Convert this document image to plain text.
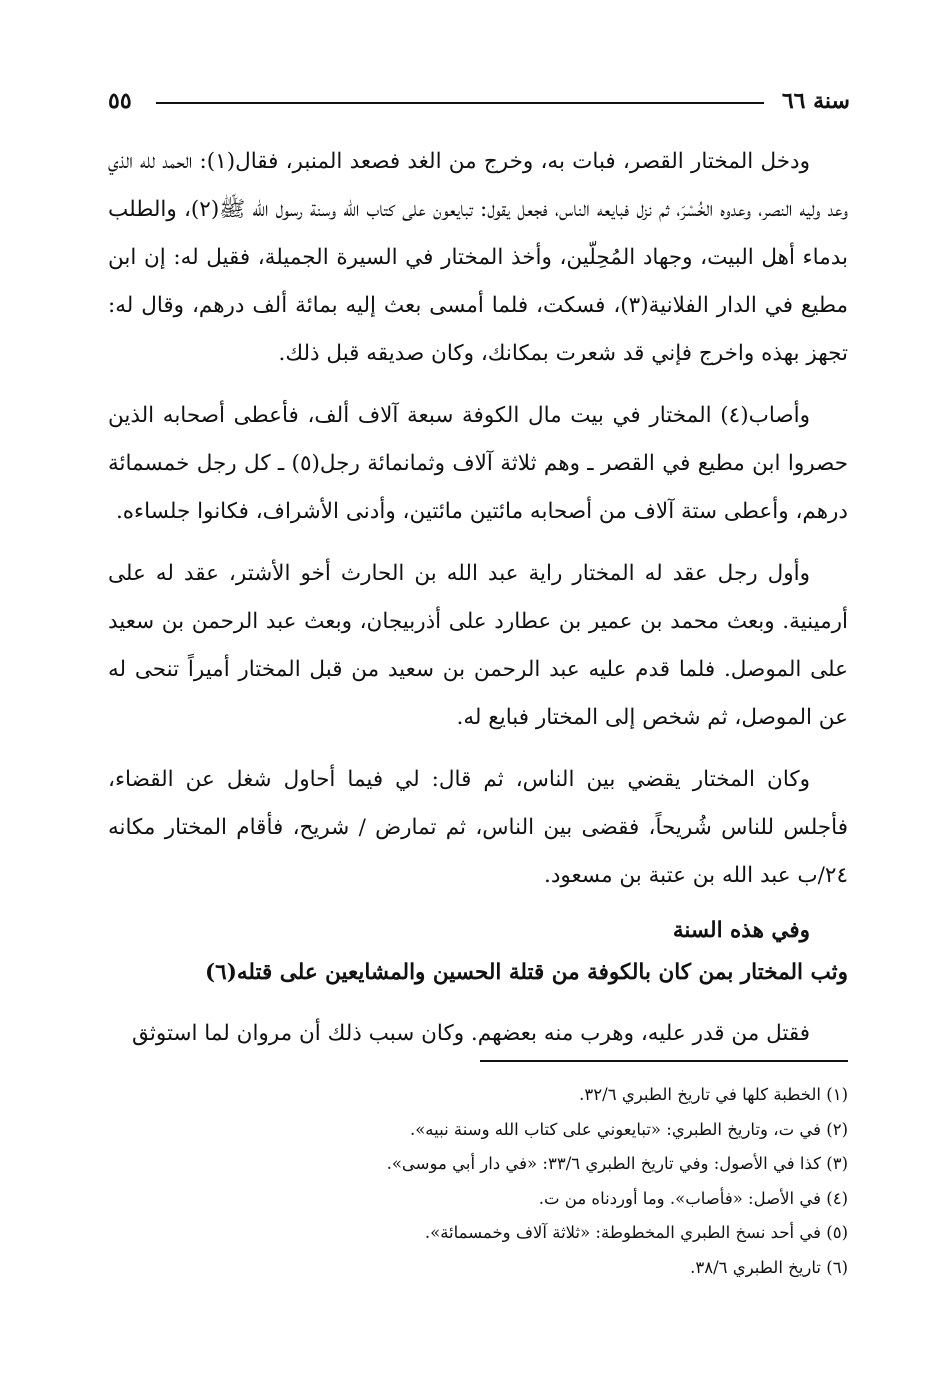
سنة ٦٦
٥٥

ودخل المختار القصر، فبات به، وخرج من الغد فصعد المنبر، فقال(١): الحمد لله الذي وعد وليه النصر، وعدوه الخُسْرَ، ثم نزل فبايعه الناس، فجعل يقول: تبايعون على كتاب الله وسنة رسول الله ﷺ(٢)، والطلب بدماء أهل البيت، وجهاد المُحِلّين، وأخذ المختار في السيرة الجميلة، فقيل له: إن ابن مطيع في الدار الفلانية(٣)، فسكت، فلما أمسى بعث إليه بمائة ألف درهم، وقال له: تجهز بهذه واخرج فإني قد شعرت بمكانك، وكان صديقه قبل ذلك.

وأصاب(٤) المختار في بيت مال الكوفة سبعة آلاف ألف، فأعطى أصحابه الذين حصروا ابن مطيع في القصر ـ وهم ثلاثة آلاف وثمانمائة رجل(٥) ـ كل رجل خمسمائة درهم، وأعطى ستة آلاف من أصحابه مائتين مائتين، وأدنى الأشراف، فكانوا جلساءه.

وأول رجل عقد له المختار راية عبد الله بن الحارث أخو الأشتر، عقد له على أرمينية. وبعث محمد بن عمير بن عطارد على أذربيجان، وبعث عبد الرحمن بن سعيد على الموصل. فلما قدم عليه عبد الرحمن بن سعيد من قبل المختار أميراً تنحى له عن الموصل، ثم شخص إلى المختار فبايع له.

وكان المختار يقضي بين الناس، ثم قال: لي فيما أحاول شغل عن القضاء، فأجلس للناس شُريحاً، فقضى بين الناس، ثم تمارض / شريح، فأقام المختار مكانه ٢٤/ب عبد الله بن عتبة بن مسعود.

وفي هذه السنة
وثب المختار بمن كان بالكوفة من قتلة الحسين والمشايعين على قتله(٦)

فقتل من قدر عليه، وهرب منه بعضهم. وكان سبب ذلك أن مروان لما استوثق

(١) الخطبة كلها في تاريخ الطبري ٣٢/٦.
(٢) في ت، وتاريخ الطبري: «تبايعوني على كتاب الله وسنة نبيه».
(٣) كذا في الأصول: وفي تاريخ الطبري ٣٣/٦: «في دار أبي موسى».
(٤) في الأصل: «فأصاب». وما أوردناه من ت.
(٥) في أحد نسخ الطبري المخطوطة: «ثلاثة آلاف وخمسمائة».
(٦) تاريخ الطبري ٣٨/٦.
